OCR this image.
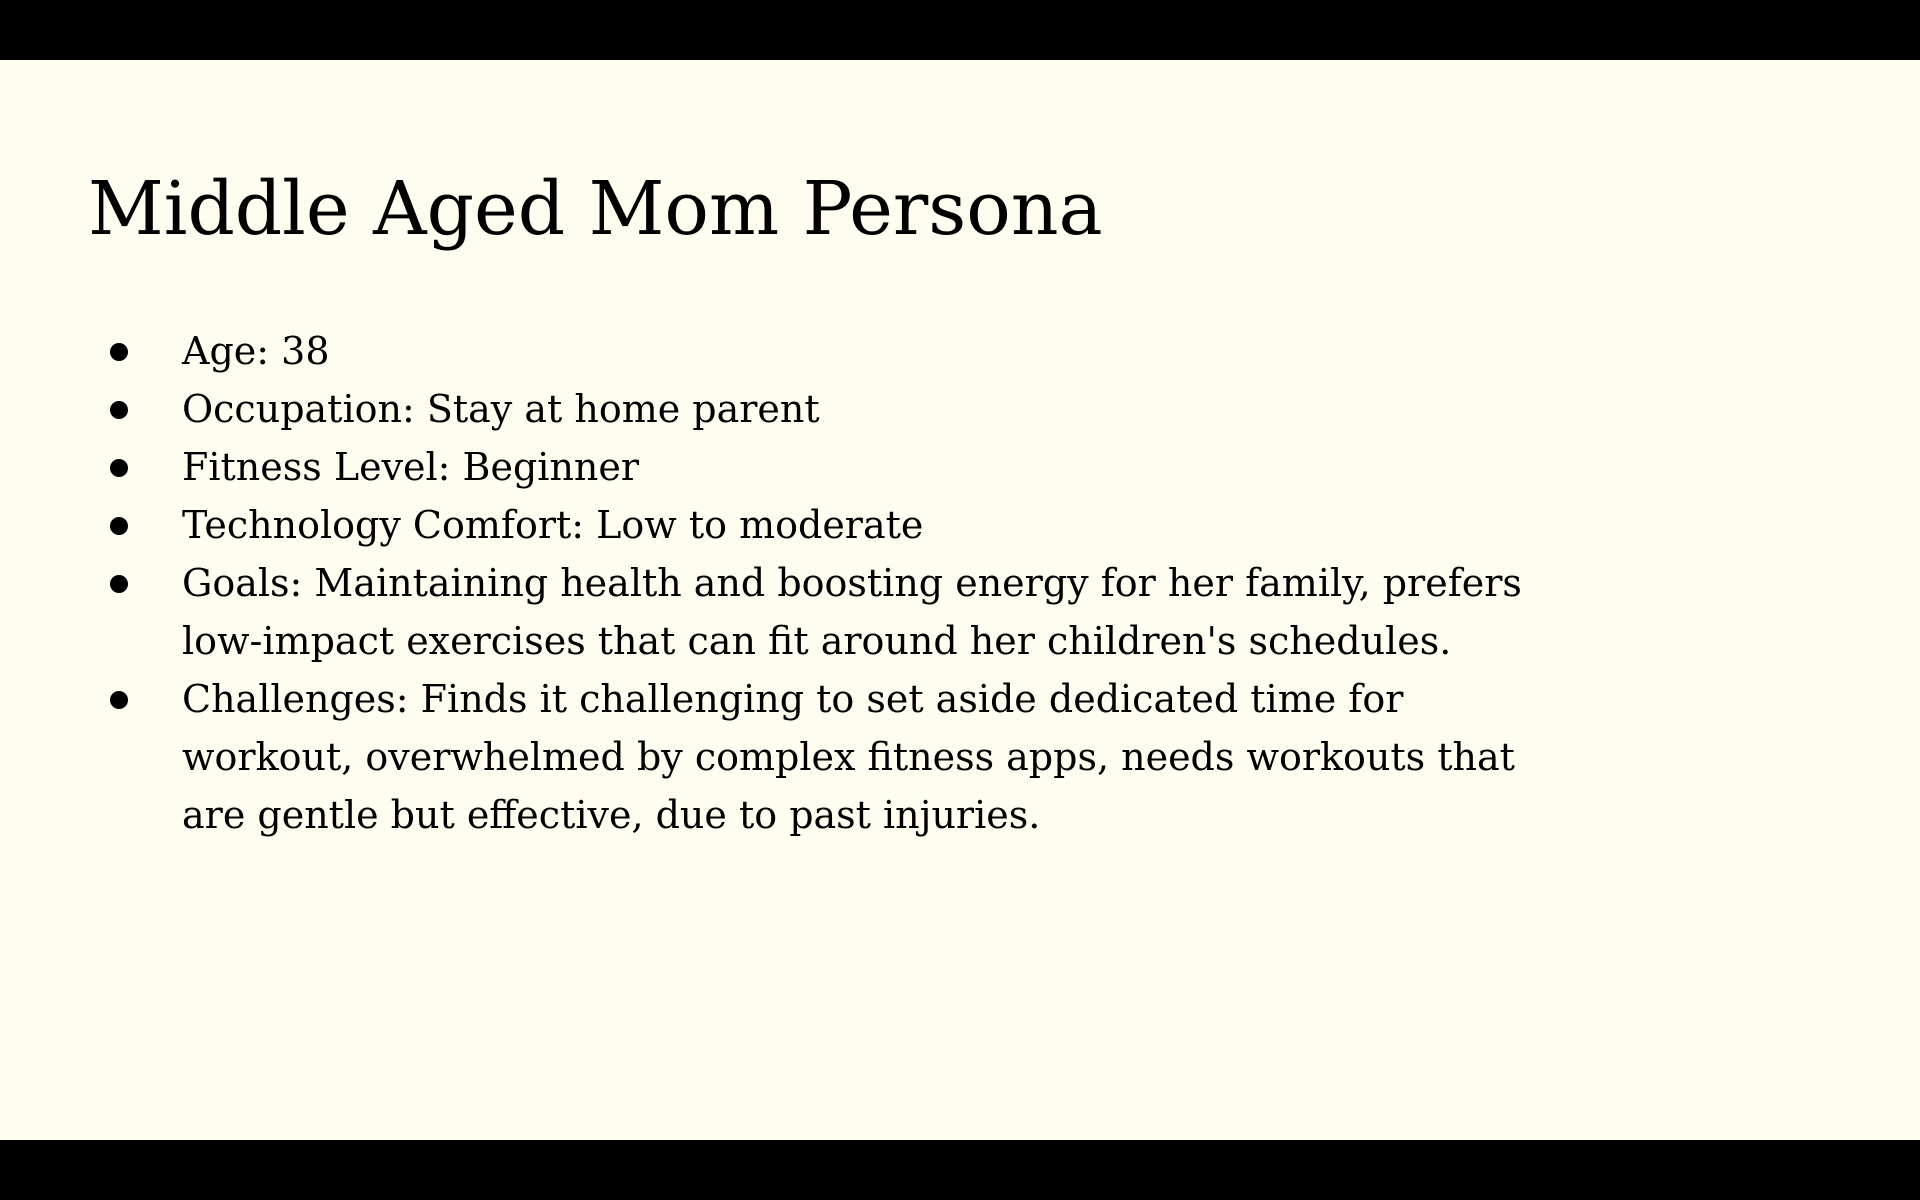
Middle Aged Mom Persona
Age: 38
Occupation: Stay at home parent
Fitness Level: Beginner
Technology Comfort: Low to moderate
Goals: Maintaining health and boosting energy for her family, prefers low-impact exercises that can fit around her children's schedules.
Challenges: Finds it challenging to set aside dedicated time for workout, overwhelmed by complex fitness apps, needs workouts that are gentle but effective, due to past injuries.
